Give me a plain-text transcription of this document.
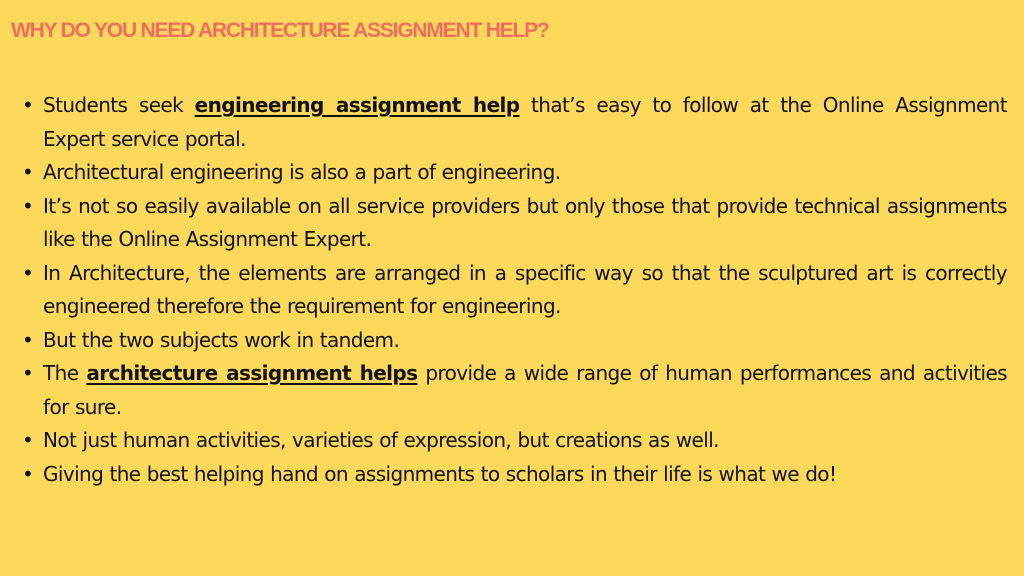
WHY DO YOU NEED ARCHITECTURE ASSIGNMENT HELP?
• Students seek engineering assignment help that’s easy to follow at the Online Assignment Expert service portal.
• Architectural engineering is also a part of engineering.
• It’s not so easily available on all service providers but only those that provide technical assignments like the Online Assignment Expert.
• In Architecture, the elements are arranged in a specific way so that the sculptured art is correctly engineered therefore the requirement for engineering.
• But the two subjects work in tandem.
• The architecture assignment helps provide a wide range of human performances and activities for sure.
• Not just human activities, varieties of expression, but creations as well.
• Giving the best helping hand on assignments to scholars in their life is what we do!
